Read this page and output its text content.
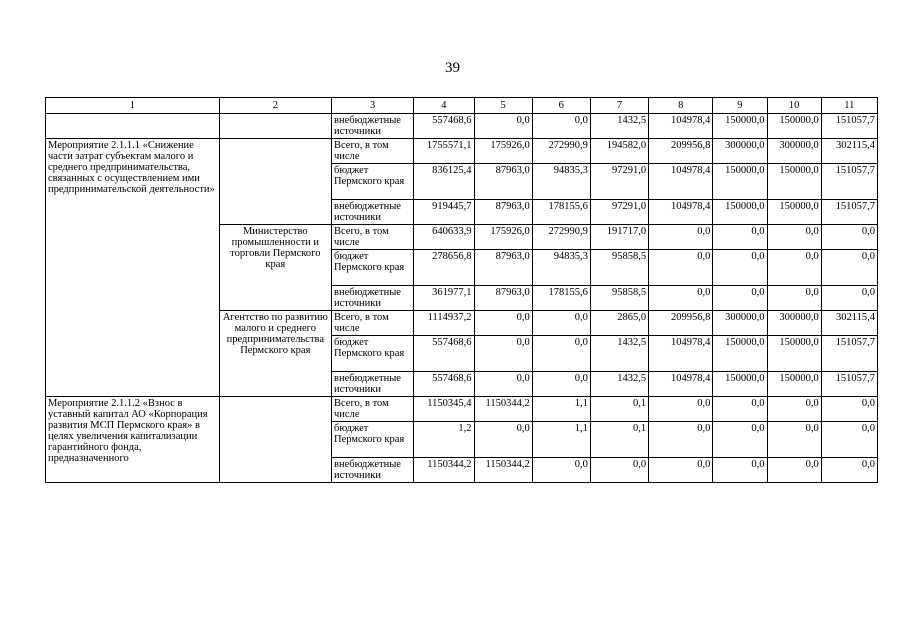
39
1	2	3	4	5	6	7	8	9	10	11
		внебюджетные источники	557468,6	0,0	0,0	1432,5	104978,4	150000,0	150000,0	151057,7
Мероприятие 2.1.1.1 «Снижение части затрат субъектам малого и среднего предпринимательства, связанных с осуществлением ими предпринимательской деятельности»		Всего, в том числе	1755571,1	175926,0	272990,9	194582,0	209956,8	300000,0	300000,0	302115,4
		бюджет Пермского края	836125,4	87963,0	94835,3	97291,0	104978,4	150000,0	150000,0	151057,7
		внебюджетные источники	919445,7	87963,0	178155,6	97291,0	104978,4	150000,0	150000,0	151057,7
	Министерство промышленности и торговли Пермского края	Всего, в том числе	640633,9	175926,0	272990,9	191717,0	0,0	0,0	0,0	0,0
		бюджет Пермского края	278656,8	87963,0	94835,3	95858,5	0,0	0,0	0,0	0,0
		внебюджетные источники	361977,1	87963,0	178155,6	95858,5	0,0	0,0	0,0	0,0
	Агентство по развитию малого и среднего предпринимательства Пермского края	Всего, в том числе	1114937,2	0,0	0,0	2865,0	209956,8	300000,0	300000,0	302115,4
		бюджет Пермского края	557468,6	0,0	0,0	1432,5	104978,4	150000,0	150000,0	151057,7
		внебюджетные источники	557468,6	0,0	0,0	1432,5	104978,4	150000,0	150000,0	151057,7
Мероприятие 2.1.1.2 «Взнос в уставный капитал АО «Корпорация развития МСП Пермского края» в целях увеличения капитализации гарантийного фонда, предназначенного		Всего, в том числе	1150345,4	1150344,2	1,1	0,1	0,0	0,0	0,0	0,0
		бюджет Пермского края	1,2	0,0	1,1	0,1	0,0	0,0	0,0	0,0
		внебюджетные источники	1150344,2	1150344,2	0,0	0,0	0,0	0,0	0,0	0,0
